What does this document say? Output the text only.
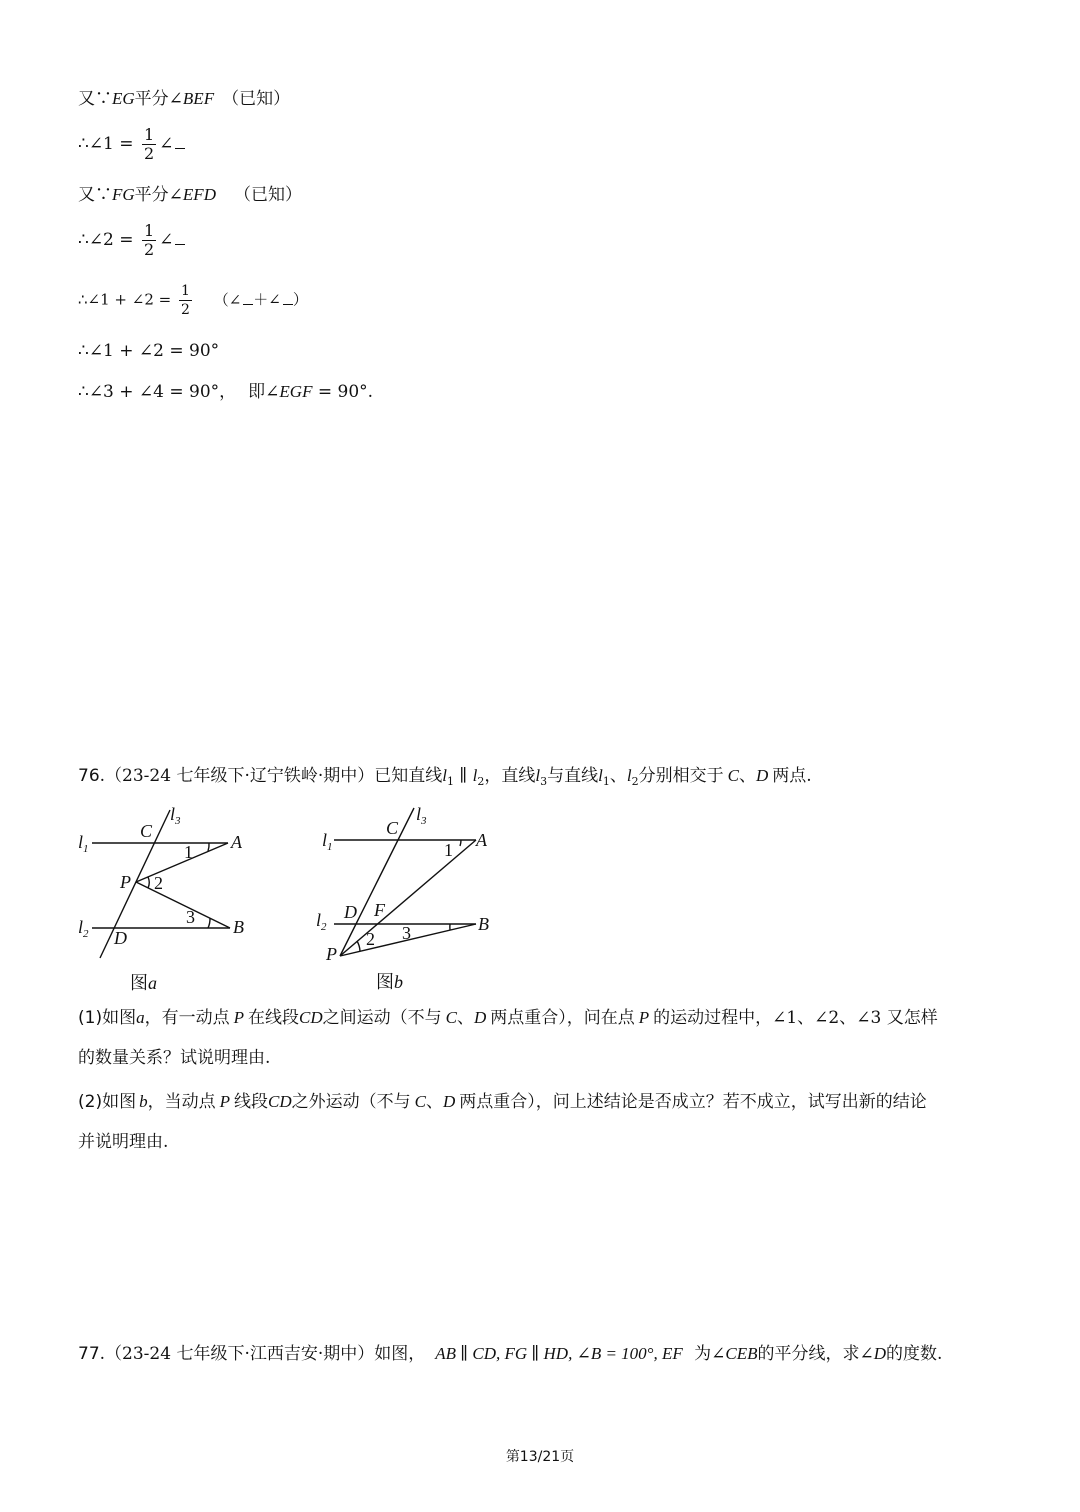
又∵EG平分∠BEF （已知）
∴∠1 = $\frac{1}{2}$ ∠
又∵FG平分∠EFD （已知）
∴∠2 = $\frac{1}{2}$ ∠
∴∠1 + ∠2 = $\frac{1}{2}$ （∠ ＋∠ ）
∴∠1 + ∠2 = 90°
∴∠3 + ∠4 = 90°， 即∠EGF = 90°.
76.（23-24 七年级下·辽宁铁岭·期中）已知直线$l_1$ ∥ $l_2$，直线$l_3$与直线$l_1$、$l_2$分别相交于 C、D 两点.
$l_1$
$l_2$
$l_3$
C
A
P
B
D
1
2
3
图a
$l_1$
$l_2$
$l_3$
C
A
D F
B
P
1
2 3
图b
(1)如图a，有一动点 P 在线段CD之间运动（不与 C、D 两点重合），问在点 P 的运动过程中，∠1、∠2、∠3 又怎样
的数量关系？试说明理由.
(2)如图 b，当动点 P 线段CD之外运动（不与 C、D 两点重合），问上述结论是否成立？若不成立，试写出新的结论
并说明理由.
77.（23-24 七年级下·江西吉安·期中）如图， AB ∥ CD, FG ∥ HD, ∠B = 100°, EF 为∠CEB的平分线，求∠D的度数.
第13/21页
